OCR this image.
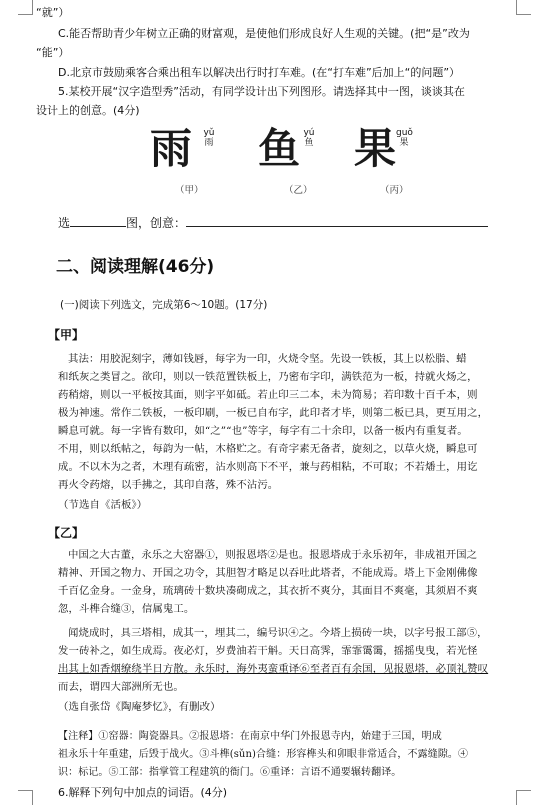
“就”）
C.能否帮助青少年树立正确的财富观，是使他们形成良好人生观的关键。(把“是”改为
“能”）
D.北京市鼓励乘客合乘出租车以解决出行时打车难。(在“打车难”后加上“的问题”）
5.某校开展“汉字造型秀”活动，有同学设计出下列图形。请选择其中一图，谈谈其在
设计上的创意。(4分)
雨 yǔ
雨
（甲）
鱼 yú
鱼
（乙）
果 guǒ
果
（丙）
选	图，创意：
二、阅读理解(46分)
(一)阅读下列选文，完成第6～10题。(17分)
【甲】
其法：用胶泥刻字，薄如钱唇，每字为一印，火烧令坚。先设一铁板，其上以松脂、蜡
和纸灰之类冒之。欲印，则以一铁范置铁板上，乃密布字印，满铁范为一板，持就火炀之，
药稍熔，则以一平板按其面，则字平如砥。若止印三二本，未为简易；若印数十百千本，则
极为神速。常作二铁板，一板印刷，一板已自布字，此印者才毕，则第二板已具，更互用之，
瞬息可就。每一字皆有数印，如“之”“也”等字，每字有二十余印，以备一板内有重复者。
不用，则以纸帖之，每韵为一帖，木格贮之。有奇字素无备者，旋刻之，以草火烧，瞬息可
成。不以木为之者，木理有疏密，沾水则高下不平，兼与药相粘，不可取；不若燔土，用讫
再火令药熔，以手拂之，其印自落，殊不沾污。
（节选自《活板》）
【乙】
中国之大古董，永乐之大窑器①，则报恩塔②是也。报恩塔成于永乐初年，非成祖开国之
精神、开国之物力、开国之功令，其胆智才略足以吞吐此塔者，不能成焉。塔上下金刚佛像
千百亿金身。一金身，琉璃砖十数块凑砌成之，其衣折不爽分，其面目不爽毫，其须眉不爽
忽，斗榫合缝③，信属鬼工。
闻烧成时，具三塔相，成其一，埋其二，编号识④之。今塔上损砖一块，以字号报工部⑤，
发一砖补之，如生成焉。夜必灯，岁费油若干斛。天日高霁，霏霏霭霭，摇摇曳曳，若光怪
出其上如香烟缭绕半日方散。永乐时，海外夷蛮重译⑥至者百有余国，见报恩塔，必顶礼赞叹
而去，谓四大部洲所无也。
（选自张岱《陶庵梦忆》，有删改）
【注释】①窑器：陶瓷器具。②报恩塔：在南京中华门外报恩寺内，始建于三国，明成
祖永乐十年重建，后毁于战火。③斗榫(sǔn)合缝：形容榫头和卯眼非常适合，不露缝隙。④
识：标记。⑤工部：指掌管工程建筑的衙门。⑥重译：言语不通要辗转翻译。
6.解释下列句中加点的词语。(4分)
